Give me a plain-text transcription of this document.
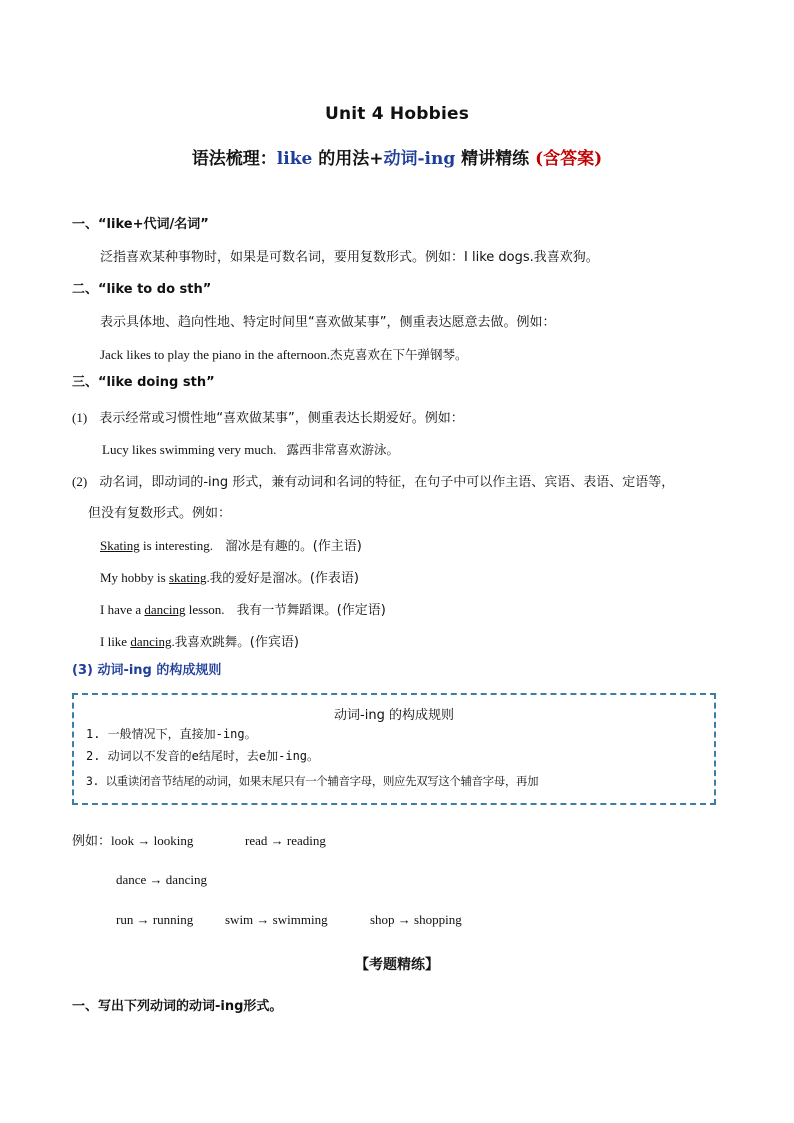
Unit 4 Hobbies
语法梳理：like 的用法+动词-ing 精讲精练 (含答案)
一、“like+代词/名词”
泛指喜欢某种事物时，如果是可数名词，要用复数形式。例如：I like dogs.我喜欢狗。
二、“like to do sth”
表示具体地、趋向性地、特定时间里“喜欢做某事”，侧重表达愿意去做。例如：
Jack likes to play the piano in the afternoon.杰克喜欢在下午弹钢琴。
三、“like doing sth”
(1) 表示经常或习惯性地“喜欢做某事”，侧重表达长期爱好。例如：
Lucy likes swimming very much. 露西非常喜欢游泳。
(2) 动名词，即动词的-ing 形式，兼有动词和名词的特征，在句子中可以作主语、宾语、表语、定语等，
但没有复数形式。例如：
Skating is interesting. 溜冰是有趣的。(作主语)
My hobby is skating.我的爱好是溜冰。(作表语)
I have a dancing lesson. 我有一节舞蹈课。(作定语)
I like dancing.我喜欢跳舞。(作宾语)
(3) 动词-ing 的构成规则
动词-ing 的构成规则
1. 一般情况下，直接加-ing。
2. 动词以不发音的e结尾时，去e加-ing。
3. 以重读闭音节结尾的动词，如果末尾只有一个辅音字母，则应先双写这个辅音字母，再加
例如：look → looking	read → reading
dance → dancing
run → running swim → swimming	shop → shopping
【考题精练】
一、写出下列动词的动词-ing形式。
